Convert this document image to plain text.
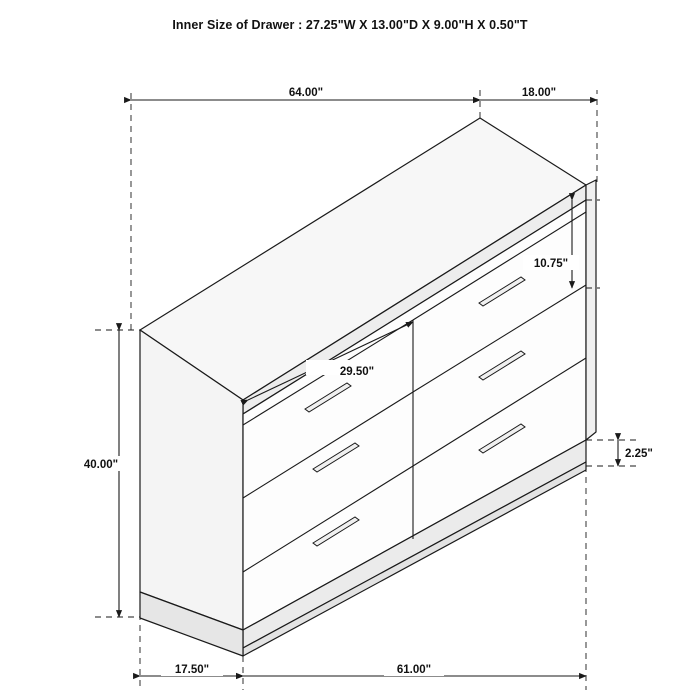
Inner Size of Drawer : 27.25"W X 13.00"D X 9.00"H X 0.50"T
64.00"	18.00"
10.75"
29.50"
2.25"
40.00"
17.50"	61.00"
